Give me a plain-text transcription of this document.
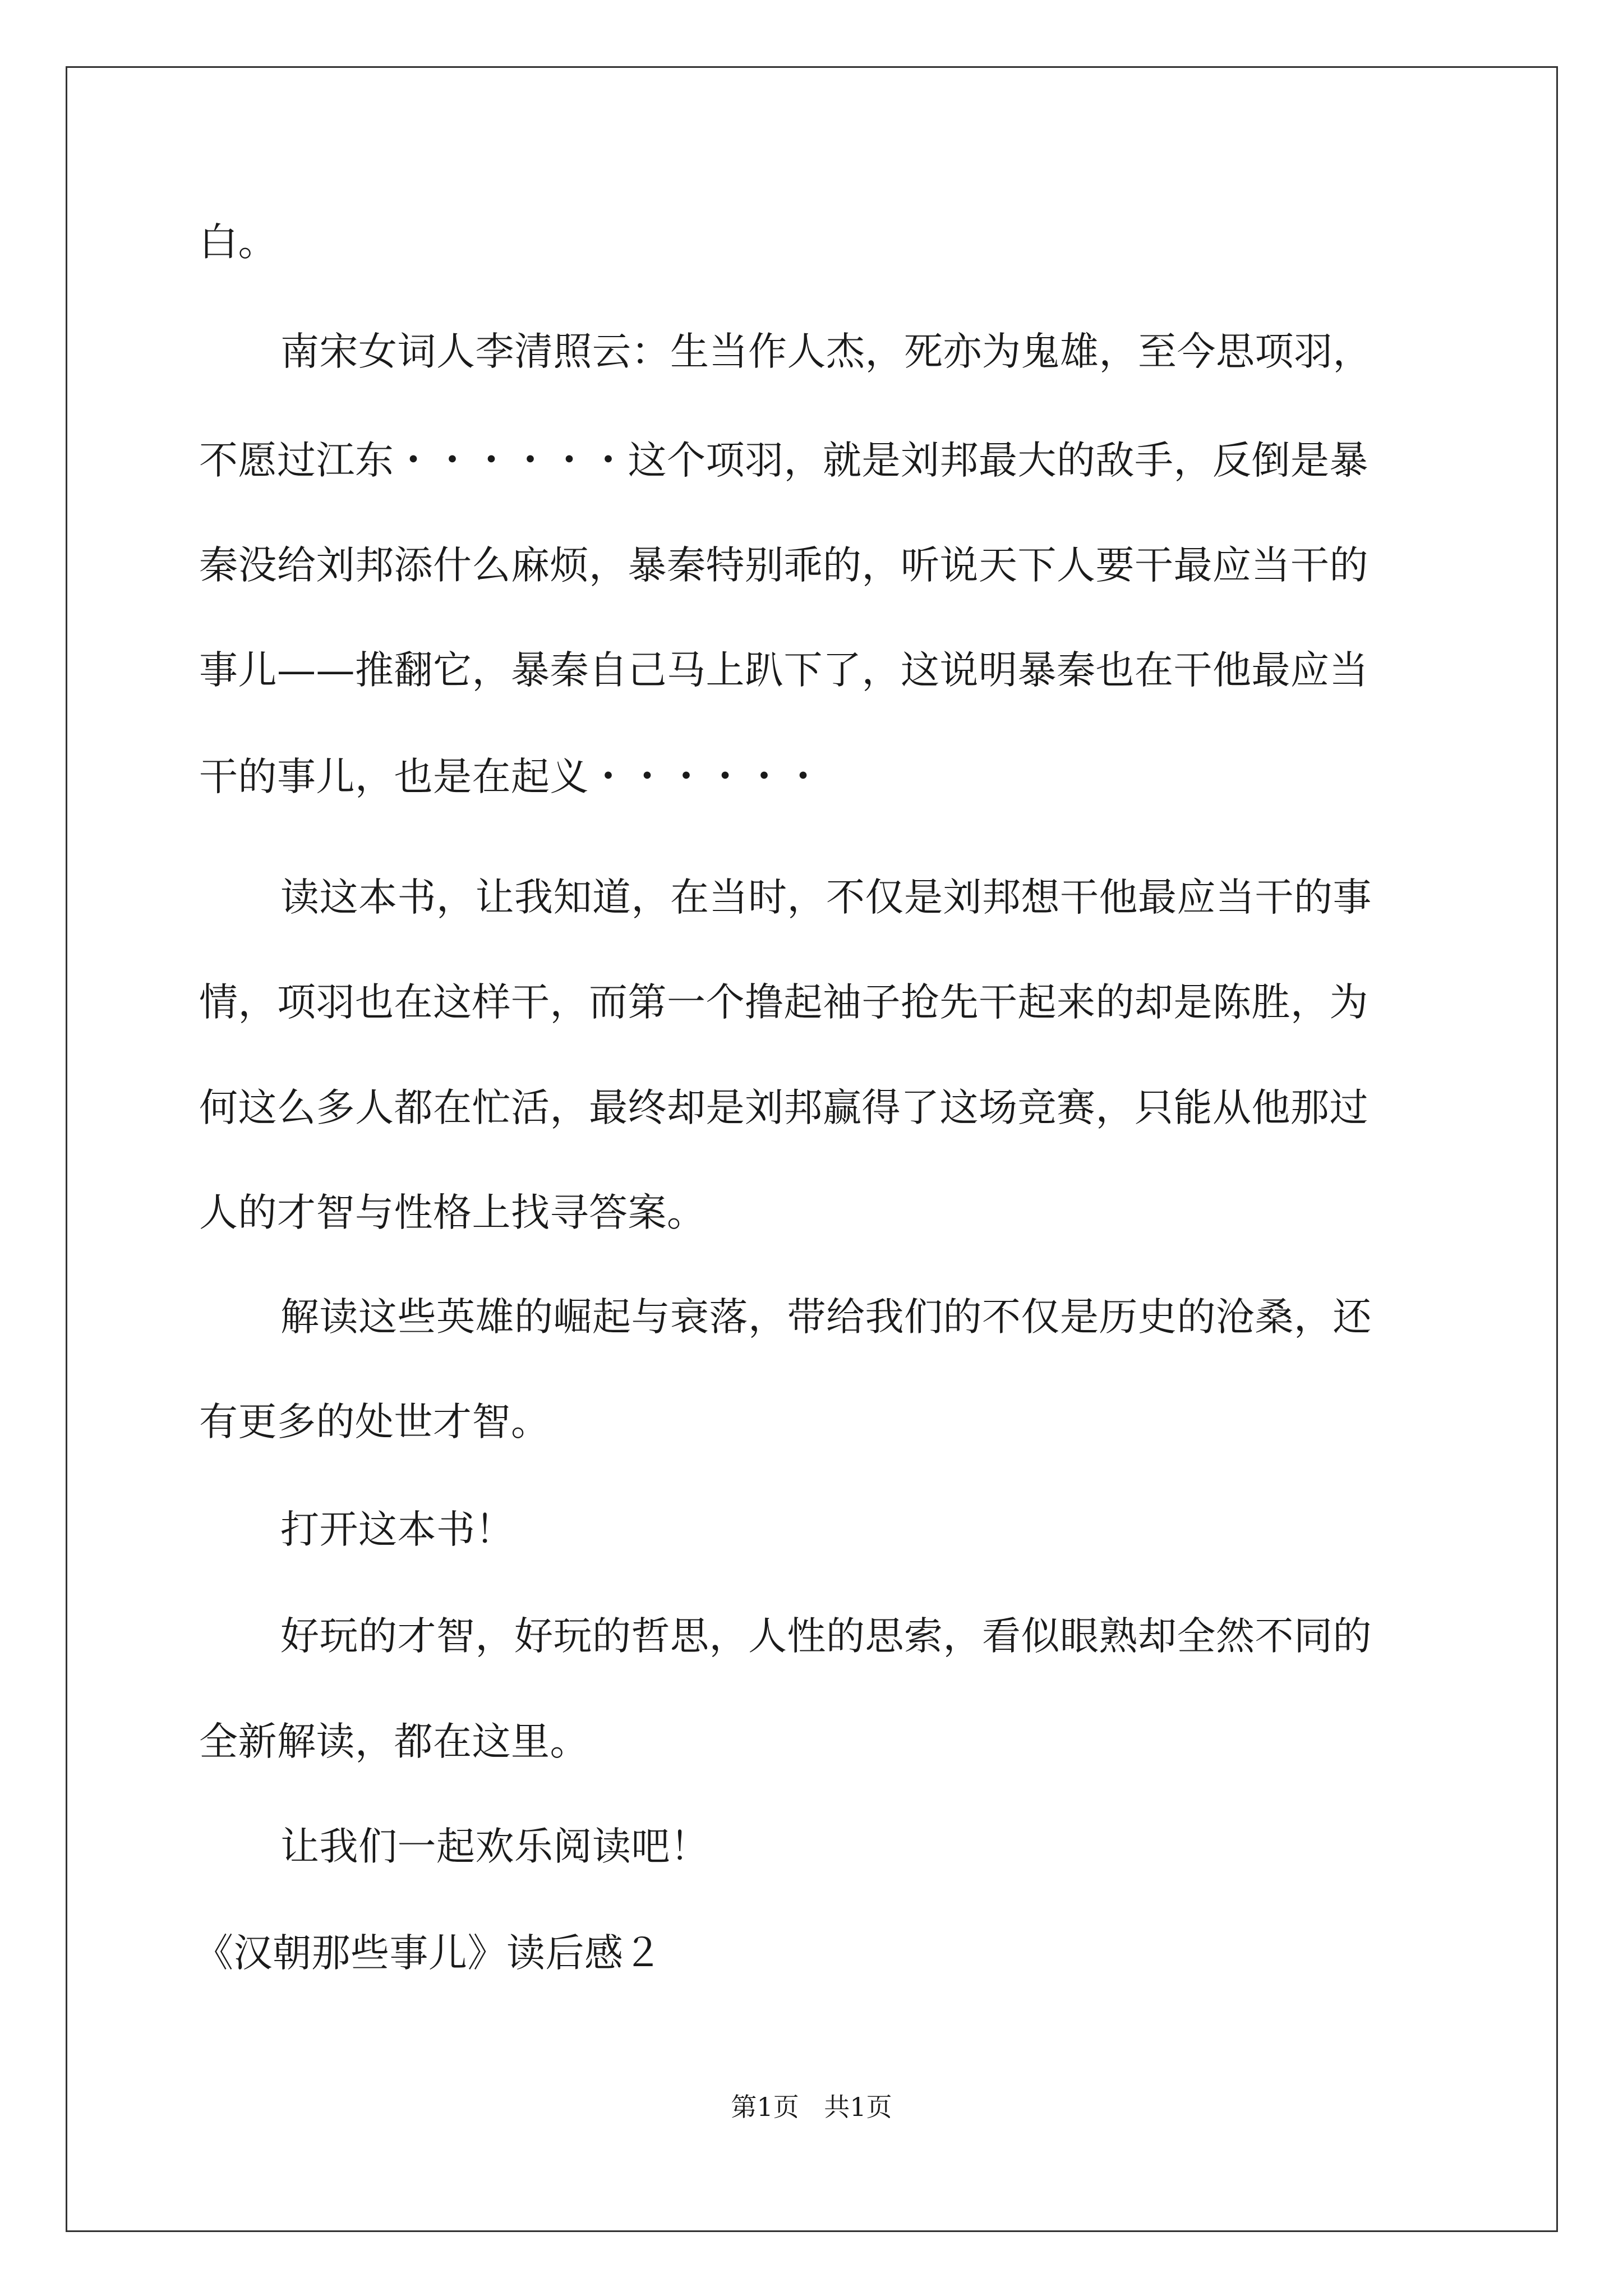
白。
南宋女词人李清照云：生当作人杰，死亦为鬼雄，至今思项羽，
不愿过江东・・・・・・这个项羽，就是刘邦最大的敌手，反倒是暴
秦没给刘邦添什么麻烦，暴秦特别乖的，听说天下人要干最应当干的
事儿——推翻它，暴秦自己马上趴下了，这说明暴秦也在干他最应当
干的事儿，也是在起义・・・・・・
读这本书，让我知道，在当时，不仅是刘邦想干他最应当干的事
情，项羽也在这样干，而第一个撸起袖子抢先干起来的却是陈胜，为
何这么多人都在忙活，最终却是刘邦赢得了这场竞赛，只能从他那过
人的才智与性格上找寻答案。
解读这些英雄的崛起与衰落，带给我们的不仅是历史的沧桑，还
有更多的处世才智。
打开这本书！
好玩的才智，好玩的哲思，人性的思索，看似眼熟却全然不同的
全新解读，都在这里。
让我们一起欢乐阅读吧！
《汉朝那些事儿》读后感２
第1页 共1页
